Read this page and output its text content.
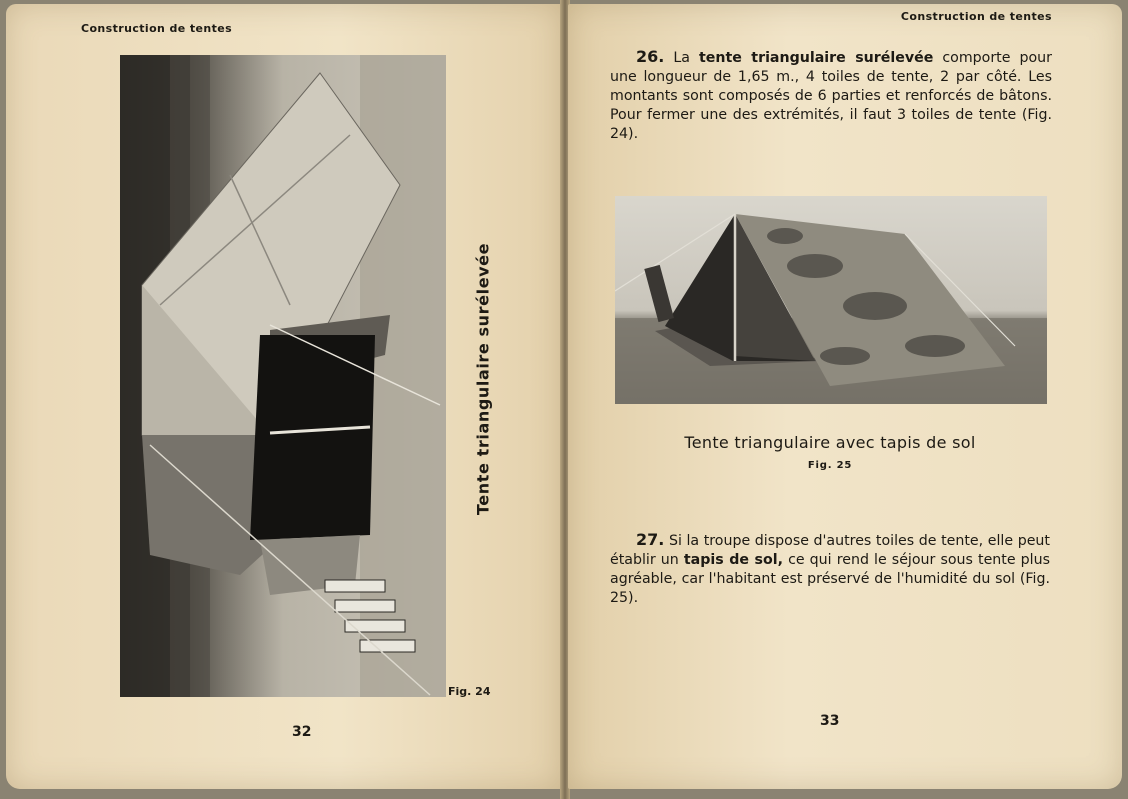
Construction de tentes
Tente triangulaire surélevée
Fig. 24
32
Construction de tentes
26. La tente triangulaire surélevée comporte pour une longueur de 1,65 m., 4 toiles de tente, 2 par côté. Les montants sont composés de 6 parties et renforcés de bâtons. Pour fermer une des extrémités, il faut 3 toiles de tente (Fig. 24).
Tente triangulaire avec tapis de sol
Fig. 25
27. Si la troupe dispose d'autres toiles de tente, elle peut établir un tapis de sol, ce qui rend le séjour sous tente plus agréable, car l'habitant est préservé de l'humidité du sol (Fig. 25).
33
